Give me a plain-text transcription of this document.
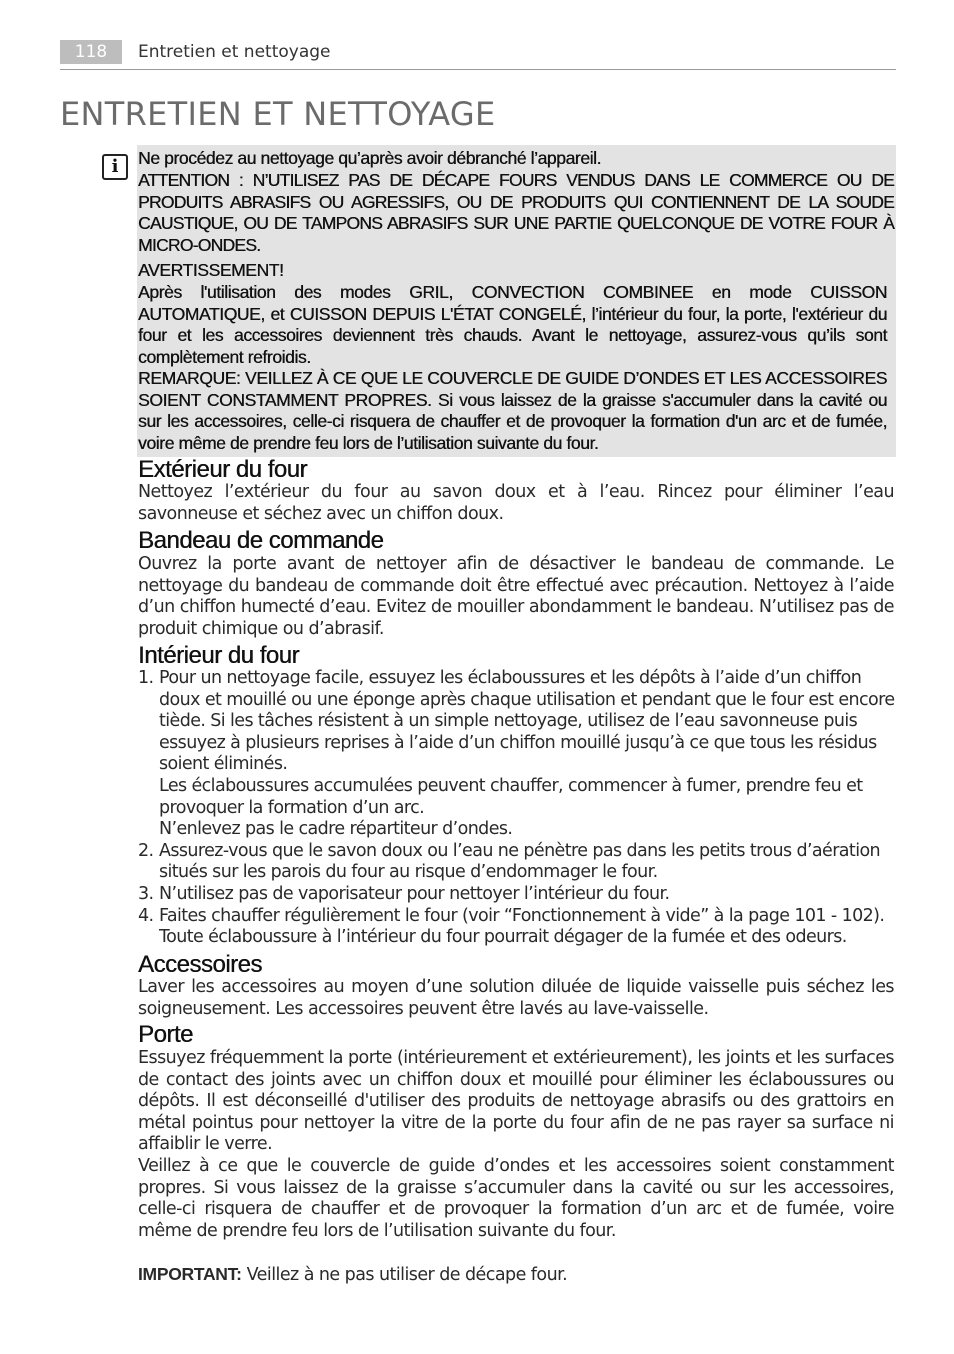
118	Entretien et nettoyage
ENTRETIEN ET NETTOYAGE
i	Ne procédez au nettoyage qu’après avoir débranché l’appareil.
ATTENTION : N’UTILISEZ PAS DE DÉCAPE FOURS VENDUS DANS LE COMMERCE OU DE PRODUITS ABRASIFS OU AGRESSIFS, OU DE PRODUITS QUI CONTIENNENT DE LA SOUDE CAUSTIQUE, OU DE TAMPONS ABRASIFS SUR UNE PARTIE QUELCONQUE DE VOTRE FOUR À MICRO-ONDES.
AVERTISSEMENT!
Après l'utilisation des modes GRIL, CONVECTION COMBINEE en mode CUISSON AUTOMATIQUE, et CUISSON DEPUIS L'ÉTAT CONGELÉ, l’intérieur du four, la porte, l'extérieur du four et les accessoires deviennent très chauds. Avant le nettoyage, assurez-vous qu’ils sont complètement refroidis.
REMARQUE: VEILLEZ À CE QUE LE COUVERCLE DE GUIDE D’ONDES ET LES ACCESSOIRES SOIENT CONSTAMMENT PROPRES. Si vous laissez de la graisse s'accumuler dans la cavité ou sur les accessoires, celle-ci risquera de chauffer et de provoquer la formation d'un arc et de fumée, voire même de prendre feu lors de l’utilisation suivante du four.
Extérieur du four
Nettoyez l’extérieur du four au savon doux et à l’eau. Rincez pour éliminer l’eau savonneuse et séchez avec un chiffon doux.
Bandeau de commande
Ouvrez la porte avant de nettoyer afin de désactiver le bandeau de commande. Le nettoyage du bandeau de commande doit être effectué avec précaution. Nettoyez à l’aide d’un chiffon humecté d’eau. Evitez de mouiller abondamment le bandeau. N’utilisez pas de produit chimique ou d’abrasif.
Intérieur du four
1. Pour un nettoyage facile, essuyez les éclaboussures et les dépôts à l’aide d’un chiffon doux et mouillé ou une éponge après chaque utilisation et pendant que le four est encore tiède. Si les tâches résistent à un simple nettoyage, utilisez de l’eau savonneuse puis essuyez à plusieurs reprises à l’aide d’un chiffon mouillé jusqu’à ce que tous les résidus soient éliminés.

Les éclaboussures accumulées peuvent chauffer, commencer à fumer, prendre feu et provoquer la formation d’un arc.

N’enlevez pas le cadre répartiteur d’ondes.

2. Assurez-vous que le savon doux ou l’eau ne pénètre pas dans les petits trous d’aération situés sur les parois du four au risque d’endommager le four.

3. N’utilisez pas de vaporisateur pour nettoyer l’intérieur du four.

4. Faites chauffer régulièrement le four (voir “Fonctionnement à vide” à la page 101 - 102). Toute éclaboussure à l’intérieur du four pourrait dégager de la fumée et des odeurs.

Accessoires
Laver les accessoires au moyen d’une solution diluée de liquide vaisselle puis séchez les soigneusement. Les accessoires peuvent être lavés au lave-vaisselle.
Porte
Essuyez fréquemment la porte (intérieurement et extérieurement), les joints et les surfaces de contact des joints avec un chiffon doux et mouillé pour éliminer les éclaboussures ou dépôts. Il est déconseillé d'utiliser des produits de nettoyage abrasifs ou des grattoirs en métal pointus pour nettoyer la vitre de la porte du four afin de ne pas rayer sa surface ni affaiblir le verre.
Veillez à ce que le couvercle de guide d’ondes et les accessoires soient constamment propres. Si vous laissez de la graisse s’accumuler dans la cavité ou sur les accessoires, celle-ci risquera de chauffer et de provoquer la formation d’un arc et de fumée, voire même de prendre feu lors de l’utilisation suivante du four.
IMPORTANT: Veillez à ne pas utiliser de décape four.
